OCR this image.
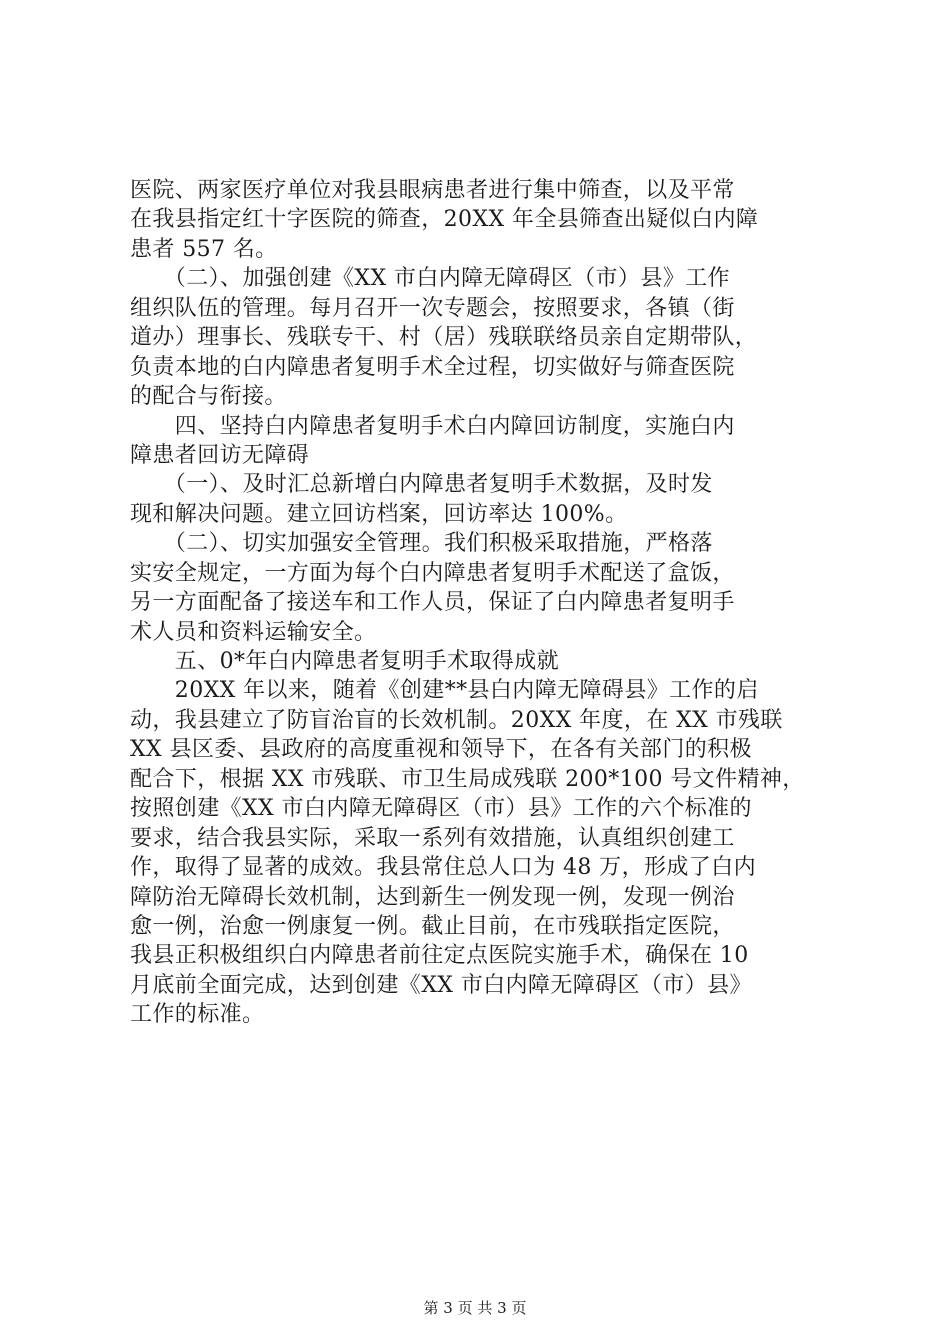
医院、两家医疗单位对我县眼病患者进行集中筛查，以及平常
在我县指定红十字医院的筛查，20XX 年全县筛查出疑似白内障
患者 557 名。
　　（二）、加强创建《XX 市白内障无障碍区（市）县》工作
组织队伍的管理。每月召开一次专题会，按照要求，各镇（街
道办）理事长、残联专干、村（居）残联联络员亲自定期带队，
负责本地的白内障患者复明手术全过程，切实做好与筛查医院
的配合与衔接。
　　四、坚持白内障患者复明手术白内障回访制度，实施白内
障患者回访无障碍
　　（一）、及时汇总新增白内障患者复明手术数据，及时发
现和解决问题。建立回访档案，回访率达 100%。
　　（二）、切实加强安全管理。我们积极采取措施，严格落
实安全规定，一方面为每个白内障患者复明手术配送了盒饭，
另一方面配备了接送车和工作人员，保证了白内障患者复明手
术人员和资料运输安全。
　　五、0*年白内障患者复明手术取得成就
　　20XX 年以来，随着《创建**县白内障无障碍县》工作的启
动，我县建立了防盲治盲的长效机制。20XX 年度，在 XX 市残联
XX 县区委、县政府的高度重视和领导下，在各有关部门的积极
配合下，根据 XX 市残联、市卫生局成残联 200*100 号文件精神，
按照创建《XX 市白内障无障碍区（市）县》工作的六个标准的
要求，结合我县实际，采取一系列有效措施，认真组织创建工
作，取得了显著的成效。我县常住总人口为 48 万，形成了白内
障防治无障碍长效机制，达到新生一例发现一例，发现一例治
愈一例，治愈一例康复一例。截止目前，在市残联指定医院，
我县正积极组织白内障患者前往定点医院实施手术，确保在 10
月底前全面完成，达到创建《XX 市白内障无障碍区（市）县》
工作的标准。
第 3 页 共 3 页
